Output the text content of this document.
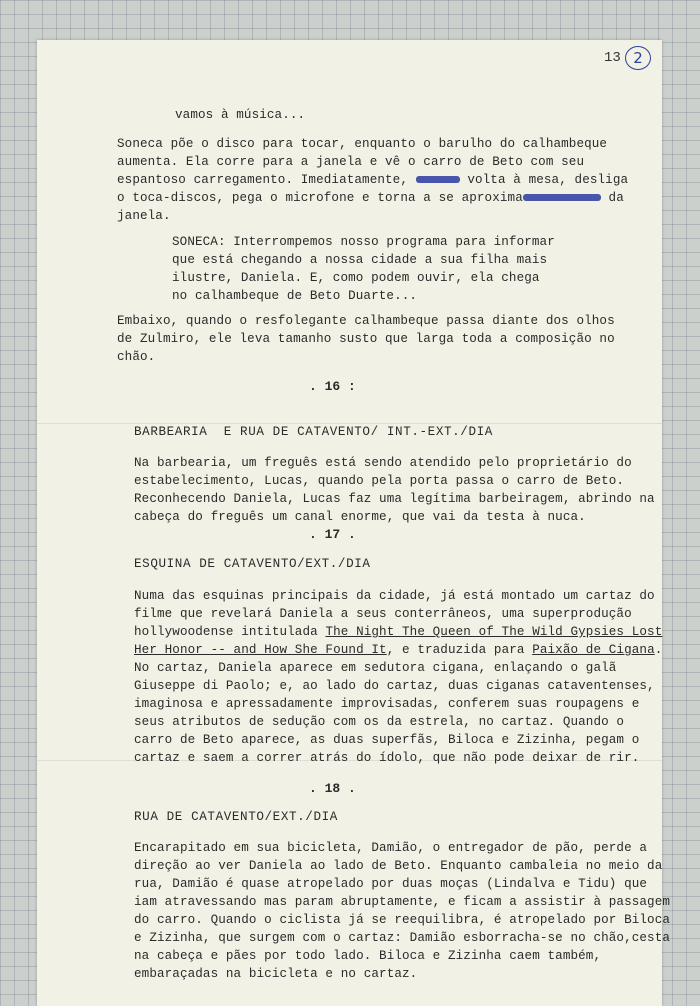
13 2
vamos à música...
Soneca põe o disco para tocar, enquanto o barulho do calhambeque
aumenta. Ela corre para a janela e vê o carro de Beto com seu
espantoso carregamento. Imediatamente,	volta à mesa, desliga
o toca-discos, pega o microfone e torna a se aproxima	da
janela.
SONECA: Interrompemos nosso programa para informar
que está chegando a nossa cidade a sua filha mais
ilustre, Daniela. E, como podem ouvir, ela chega
no calhambeque de Beto Duarte...
Embaixo, quando o resfolegante calhambeque passa diante dos olhos
de Zulmiro, ele leva tamanho susto que larga toda a composição no
chão.
. 16 :
BARBEARIA  E RUA DE CATAVENTO/ INT.-EXT./DIA
Na barbearia, um freguês está sendo atendido pelo proprietário do
estabelecimento, Lucas, quando pela porta passa o carro de Beto.
Reconhecendo Daniela, Lucas faz uma legítima barbeiragem, abrindo na
cabeça do freguês um canal enorme, que vai da testa à nuca.
. 17 .
ESQUINA DE CATAVENTO/EXT./DIA
Numa das esquinas principais da cidade, já está montado um cartaz do
filme que revelará Daniela a seus conterrâneos, uma superprodução
hollywoodense intitulada The Night The Queen of The Wild Gypsies Lost
Her Honor -- and How She Found It, e traduzida para Paixão de Cigana.
No cartaz, Daniela aparece em sedutora cigana, enlaçando o galã
Giuseppe di Paolo; e, ao lado do cartaz, duas ciganas cataventenses,
imaginosa e apressadamente improvisadas, conferem suas roupagens e
seus atributos de sedução com os da estrela, no cartaz. Quando o
carro de Beto aparece, as duas superfãs, Biloca e Zizinha, pegam o
cartaz e saem a correr atrás do ídolo, que não pode deixar de rir.
. 18 .
RUA DE CATAVENTO/EXT./DIA
Encarapitado em sua bicicleta, Damião, o entregador de pão, perde a
direção ao ver Daniela ao lado de Beto. Enquanto cambaleia no meio da
rua, Damião é quase atropelado por duas moças (Lindalva e Tidu) que
iam atravessando mas param abruptamente, e ficam a assistir à passagem
do carro. Quando o ciclista já se reequilibra, é atropelado por Biloca
e Zizinha, que surgem com o cartaz: Damião esborracha-se no chão,cesta
na cabeça e pães por todo lado. Biloca e Zizinha caem também,
embaraçadas na bicicleta e no cartaz.
